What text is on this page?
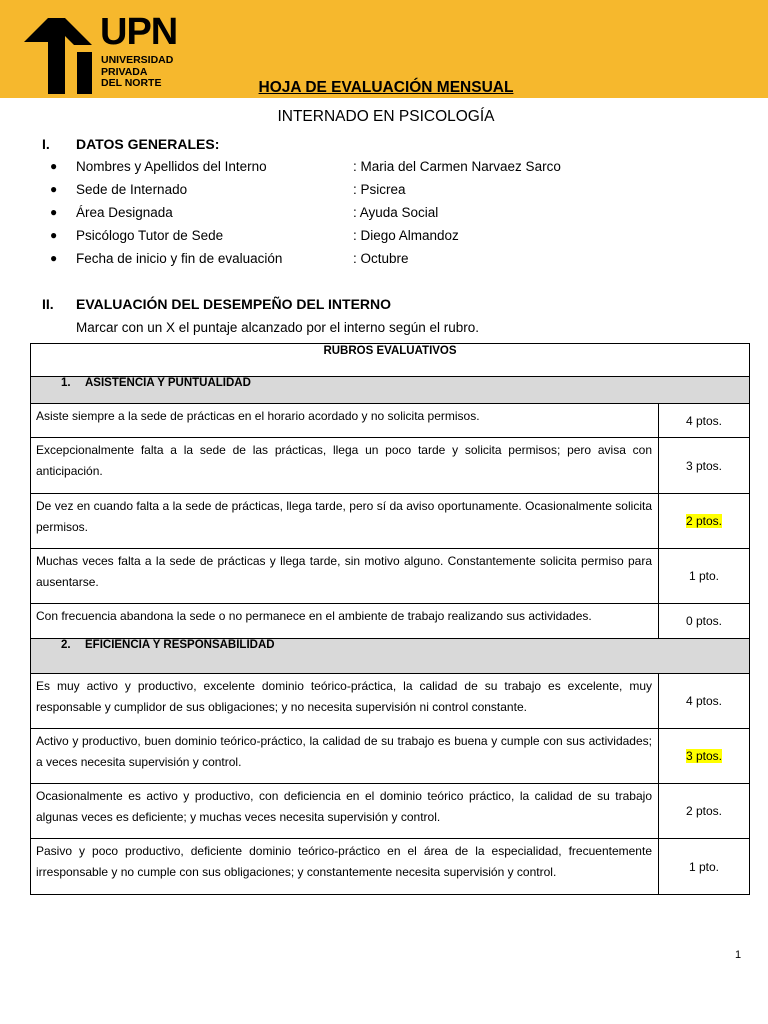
UPN
UNIVERSIDAD
PRIVADA
DEL NORTE	HOJA DE EVALUACIÓN MENSUAL
INTERNADO EN PSICOLOGÍA
I. DATOS GENERALES:
● Nombres y Apellidos del Interno	: Maria del Carmen Narvaez Sarco
● Sede de Internado	: Psicrea
● Área Designada	: Ayuda Social
● Psicólogo Tutor de Sede	: Diego Almandoz
● Fecha de inicio y fin de evaluación	: Octubre
II. EVALUACIÓN DEL DESEMPEÑO DEL INTERNO
Marcar con un X el puntaje alcanzado por el interno según el rubro.
RUBROS EVALUATIVOS
1. ASISTENCIA Y PUNTUALIDAD
Asiste siempre a la sede de prácticas en el horario acordado y no solicita permisos.	4 ptos.
Excepcionalmente falta a la sede de las prácticas, llega un poco tarde y solicita permisos; pero avisa con anticipación.	3 ptos.
De vez en cuando falta a la sede de prácticas, llega tarde, pero sí da aviso oportunamente. Ocasionalmente solicita permisos.	2 ptos.
Muchas veces falta a la sede de prácticas y llega tarde, sin motivo alguno. Constantemente solicita permiso para ausentarse.	1 pto.
Con frecuencia abandona la sede o no permanece en el ambiente de trabajo realizando sus actividades.	0 ptos.
2. EFICIENCIA Y RESPONSABILIDAD
Es muy activo y productivo, excelente dominio teórico-práctica, la calidad de su trabajo es excelente, muy responsable y cumplidor de sus obligaciones; y no necesita supervisión ni control constante.	4 ptos.
Activo y productivo, buen dominio teórico-práctico, la calidad de su trabajo es buena y cumple con sus actividades; a veces necesita supervisión y control.	3 ptos.
Ocasionalmente es activo y productivo, con deficiencia en el dominio teórico práctico, la calidad de su trabajo algunas veces es deficiente; y muchas veces necesita supervisión y control.	2 ptos.
Pasivo y poco productivo, deficiente dominio teórico-práctico en el área de la especialidad, frecuentemente irresponsable y no cumple con sus obligaciones; y constantemente necesita supervisión y control.	1 pto.
1
